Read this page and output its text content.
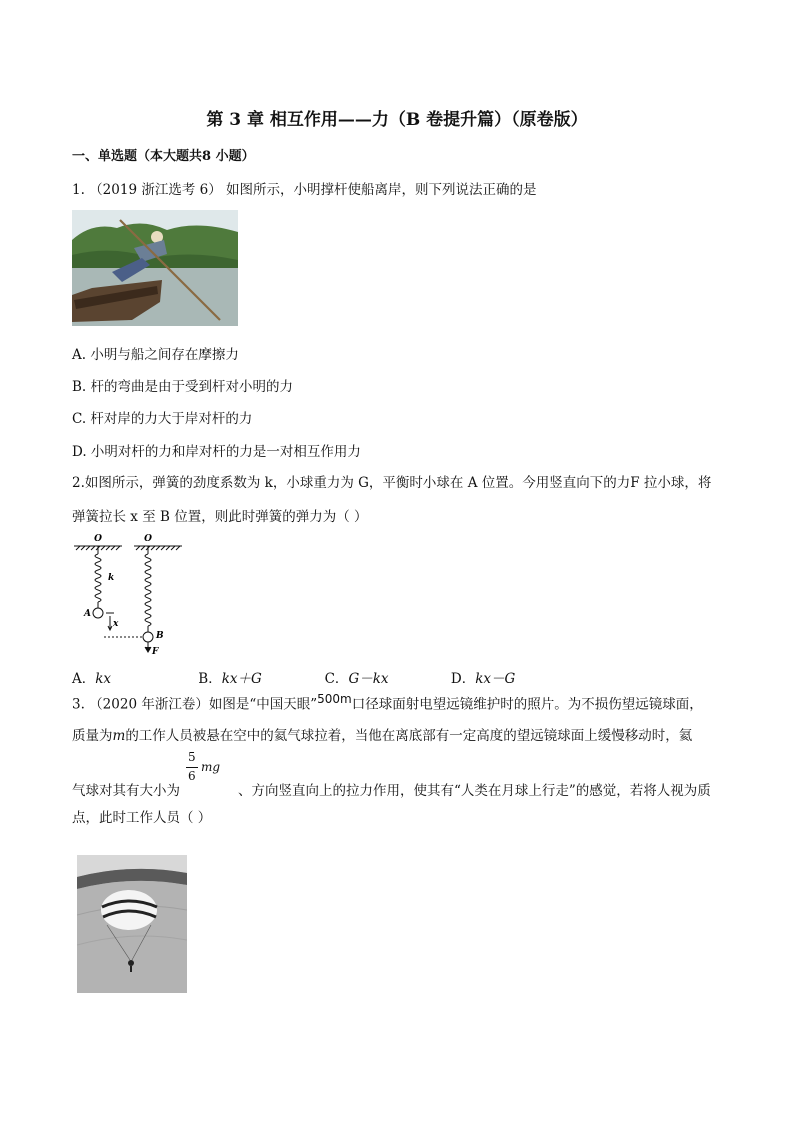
第 3 章 相互作用——力（B 卷提升篇）（原卷版）
一、单选题（本大题共8 小题）
1. （2019 浙江选考 6） 如图所示，小明撑杆使船离岸，则下列说法正确的是
A. 小明与船之间存在摩擦力
B. 杆的弯曲是由于受到杆对小明的力
C. 杆对岸的力大于岸对杆的力
D. 小明对杆的力和岸对杆的力是一对相互作用力
2.如图所示，弹簧的劲度系数为 k，小球重力为 G，平衡时小球在 A 位置。今用竖直向下的力F 拉小球，将
弹簧拉长 x 至 B 位置，则此时弹簧的弹力为（ ）
O	O
k
A
x
B
F
A．kx	B．kx＋G	C．G－kx	D．kx－G
3. （2020 年浙江卷）如图是“中国天眼”$^{500m}$口径球面射电望远镜维护时的照片。为不损伤望远镜球面，
质量为m的工作人员被悬在空中的氦气球拉着，当他在离底部有一定高度的望远镜球面上缓慢移动时，氦
5
6
mg
气球对其有大小为	、方向竖直向上的拉力作用，使其有“人类在月球上行走”的感觉，若将人视为质
点，此时工作人员（ ）
